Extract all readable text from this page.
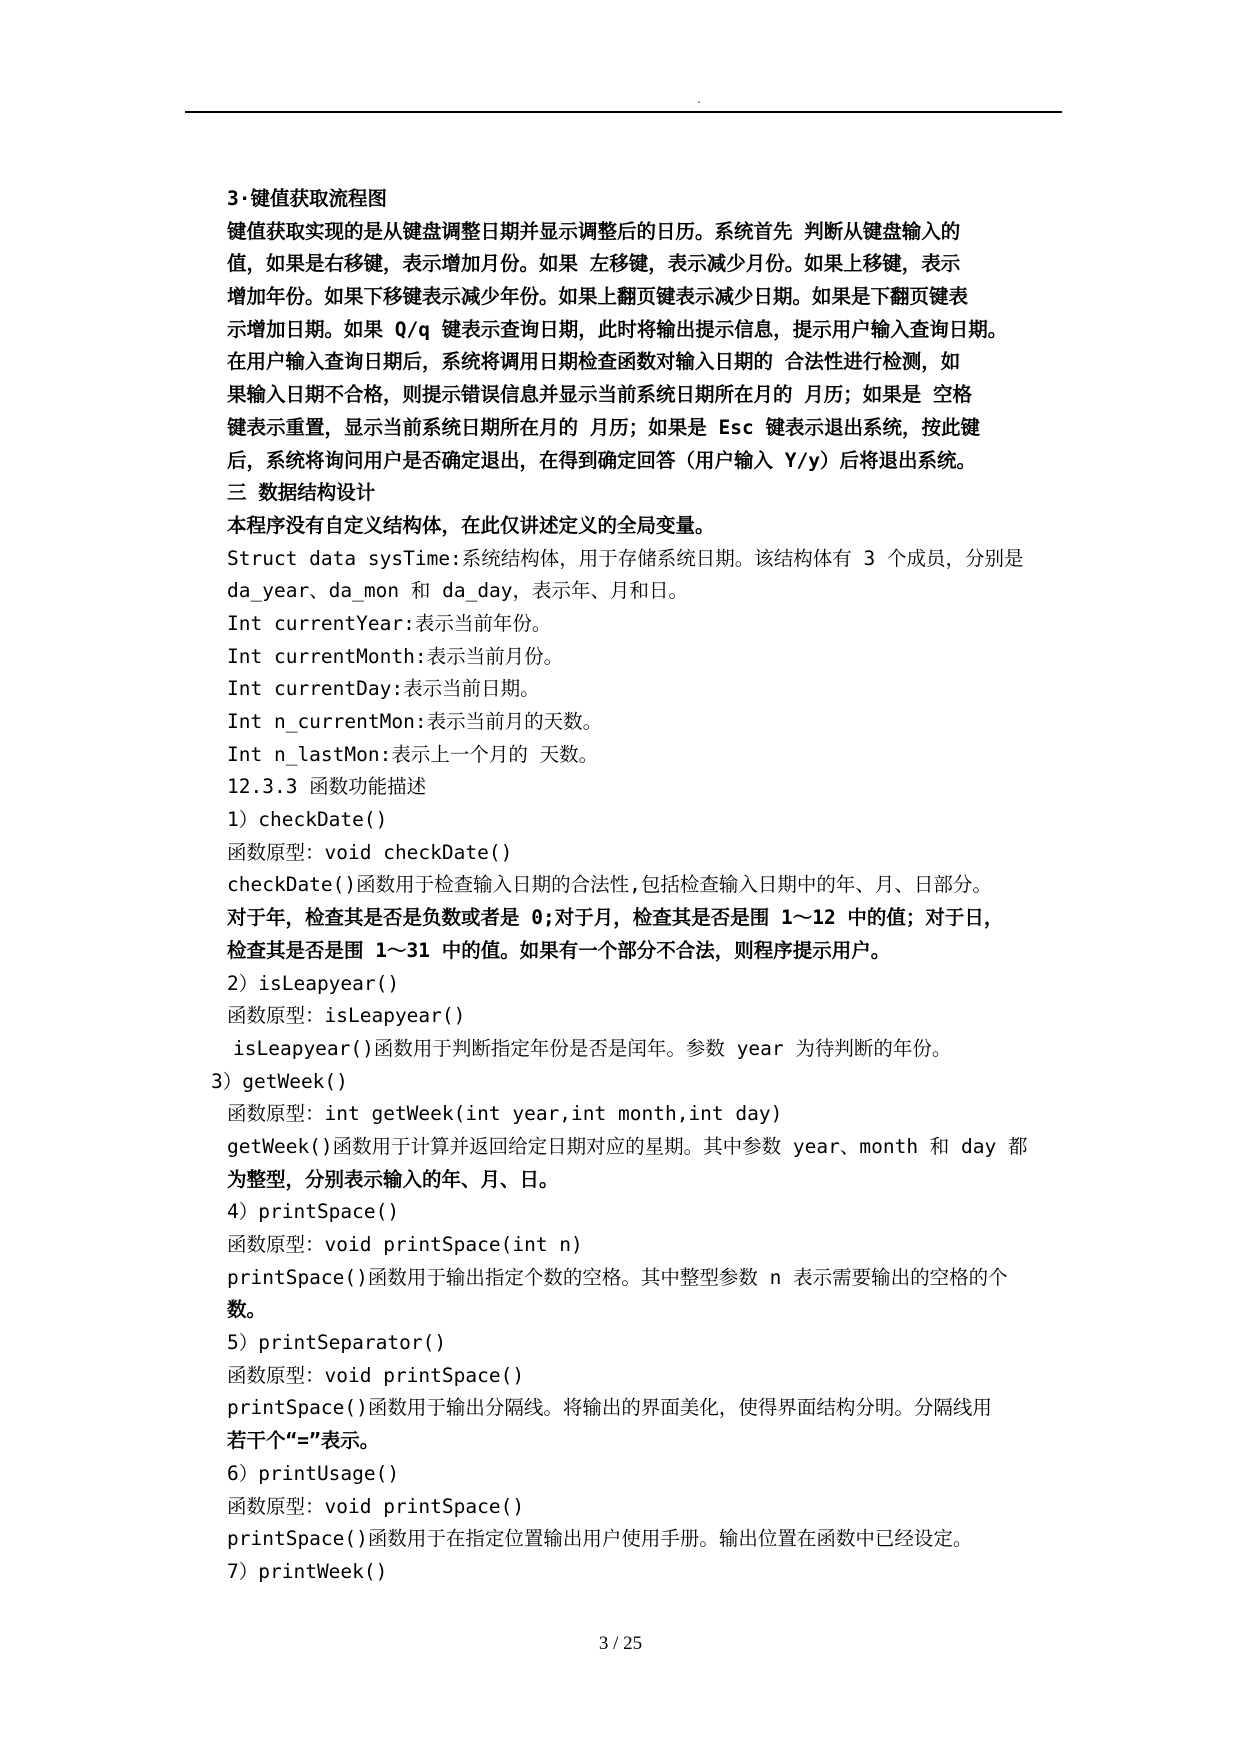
.
3·键值获取流程图
键值获取实现的是从键盘调整日期并显示调整后的日历。系统首先 判断从键盘输入的
值，如果是右移键，表示增加月份。如果 左移键，表示减少月份。如果上移键，表示
增加年份。如果下移键表示减少年份。如果上翻页键表示减少日期。如果是下翻页键表
示增加日期。如果 Q/q 键表示查询日期，此时将输出提示信息，提示用户输入查询日期。
在用户输入查询日期后，系统将调用日期检查函数对输入日期的 合法性进行检测，如
果输入日期不合格，则提示错误信息并显示当前系统日期所在月的 月历；如果是 空格
键表示重置，显示当前系统日期所在月的 月历；如果是 Esc 键表示退出系统，按此键
后，系统将询问用户是否确定退出，在得到确定回答（用户输入 Y/y）后将退出系统。
三 数据结构设计
本程序没有自定义结构体，在此仅讲述定义的全局变量。
Struct data sysTime:系统结构体，用于存储系统日期。该结构体有 3 个成员，分别是
da_year、da_mon 和 da_day，表示年、月和日。
Int currentYear:表示当前年份。
Int currentMonth:表示当前月份。
Int currentDay:表示当前日期。
Int n_currentMon:表示当前月的天数。
Int n_lastMon:表示上一个月的 天数。
12.3.3 函数功能描述
1）checkDate()
函数原型：void checkDate()
checkDate()函数用于检查输入日期的合法性,包括检查输入日期中的年、月、日部分。
对于年，检查其是否是负数或者是 0;对于月，检查其是否是围 1～12 中的值；对于日，
检查其是否是围 1～31 中的值。如果有一个部分不合法，则程序提示用户。
2）isLeapyear()
函数原型：isLeapyear()
isLeapyear()函数用于判断指定年份是否是闰年。参数 year 为待判断的年份。
3）getWeek()
函数原型：int getWeek(int year,int month,int day)
getWeek()函数用于计算并返回给定日期对应的星期。其中参数 year、month 和 day 都
为整型，分别表示输入的年、月、日。
4）printSpace()
函数原型：void printSpace(int n)
printSpace()函数用于输出指定个数的空格。其中整型参数 n 表示需要输出的空格的个
数。
5）printSeparator()
函数原型：void printSpace()
printSpace()函数用于输出分隔线。将输出的界面美化，使得界面结构分明。分隔线用
若干个“=”表示。
6）printUsage()
函数原型：void printSpace()
printSpace()函数用于在指定位置输出用户使用手册。输出位置在函数中已经设定。
7）printWeek()
3 / 25
